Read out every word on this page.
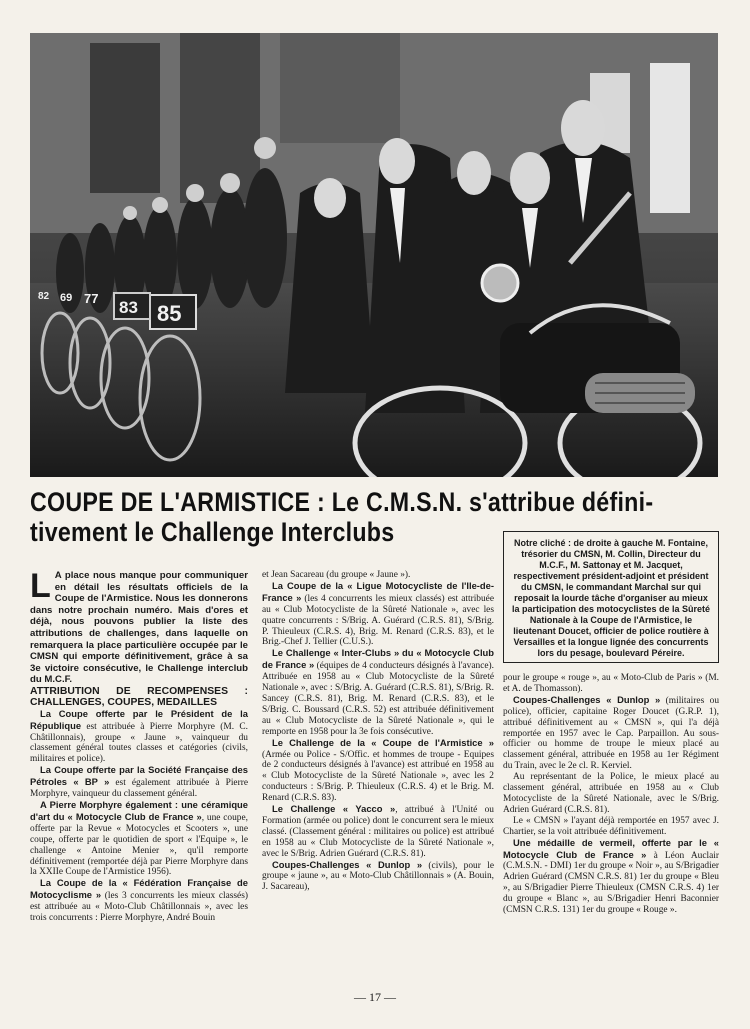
85
83
77
69
82
COUPE DE L'ARMISTICE : Le C.M.S.N. s'attribue défini-
tivement le Challenge Interclubs	Notre cliché : de droite à gauche M. Fontaine, trésorier du CMSN, M. Collin, Directeur du M.C.F., M. Sattonay et M. Jacquet, respectivement président-adjoint et président du CMSN, le commandant Marchal sur qui reposait la lourde tâche d'organiser au mieux la participation des motocyclistes de la Sûreté Nationale à la Coupe de l'Armistice, le lieutenant Doucet, officier de police routière à Versailles et la longue lignée des concurrents lors du pesage, boulevard Péreire.

L A place nous manque pour communiquer en détail les résultats officiels de la Coupe de l'Armistice. Nous les donnerons dans notre prochain numéro. Mais d'ores et déjà, nous pouvons publier la liste des attributions de challenges, dans laquelle on remarquera la place particulière occupée par le CMSN qui emporte définitivement, grâce à sa 3e victoire consécutive, le Challenge interclub du M.C.F.

ATTRIBUTION DE RECOMPENSES : CHALLENGES, COUPES, MEDAILLES

La Coupe offerte par le Président de la République est attribuée à Pierre Morphyre (M. C. Châtillonnais), groupe « Jaune », vainqueur du classement général toutes classes et catégories (civils, militaires et police).

La Coupe offerte par la Société Française des Pétroles « BP » est également attribuée à Pierre Morphyre, vainqueur du classement général.

A Pierre Morphyre également : une céramique d'art du « Motocycle Club de France », une coupe, offerte par la Revue « Motocycles et Scooters », une coupe, offerte par le quotidien de sport « l'Equipe », le challenge « Antoine Menier », qu'il remporte définitivement (remportée déjà par Pierre Morphyre dans la XXIIe Coupe de l'Armistice 1956).

La Coupe de la « Fédération Française de Motocyclisme » (les 3 concurrents les mieux classés) est attribuée au « Moto-Club Châtillonnais », avec les trois concurrents : Pierre Morphyre, André Bouin

et Jean Sacareau (du groupe « Jaune »).

La Coupe de la « Ligue Motocycliste de l'Ile-de-France » (les 4 concurrents les mieux classés) est attribuée au « Club Motocycliste de la Sûreté Nationale », avec les quatre concurrents : S/Brig. A. Guérard (C.R.S. 81), S/Brig. P. Thieuleux (C.R.S. 4), Brig. M. Renard (C.R.S. 83), et le Brig.-Chef J. Tellier (C.U.S.).

Le Challenge « Inter-Clubs » du « Motocycle Club de France » (équipes de 4 conducteurs désignés à l'avance). Attribuée en 1958 au « Club Motocycliste de la Sûreté Nationale », avec : S/Brig. A. Guérard (C.R.S. 81), S/Brig. R. Sancey (C.R.S. 81), Brig. M. Renard (C.R.S. 83), et le S/Brig. C. Boussard (C.R.S. 52) est attribuée définitivement au « Club Motocycliste de la Sûreté Nationale », qui le remporte en 1958 pour la 3e fois consécutive.

Le Challenge de la « Coupe de l'Armistice » (Armée ou Police - S/Offic. et hommes de troupe - Equipes de 2 conducteurs désignés à l'avance) est attribué en 1958 au « Club Motocycliste de la Sûreté Nationale », avec les 2 conducteurs : S/Brig. P. Thieuleux (C.R.S. 4) et le Brig. M. Renard (C.R.S. 83).

Le Challenge « Yacco », attribué à l'Unité ou Formation (armée ou police) dont le concurrent sera le mieux classé. (Classement général : militaires ou police) est attribué en 1958 au « Club Motocycliste de la Sûreté Nationale », avec le S/Brig. Adrien Guérard (C.R.S. 81).

Coupes-Challenges « Dunlop » (civils), pour le groupe « jaune », au « Moto-Club Châtillonnais » (A. Bouin, J. Sacareau),

pour le groupe « rouge », au « Moto-Club de Paris » (M. et A. de Thomasson).

Coupes-Challenges « Dunlop » (militaires ou police), officier, capitaine Roger Doucet (G.R.P. 1), attribué définitivement au « CMSN », qui l'a déjà remportée en 1957 avec le Cap. Parpaillon. Au sous-officier ou homme de troupe le mieux placé au classement général, attribuée en 1958 au 1er Régiment du Train, avec le 2e cl. R. Kerviel.

Au représentant de la Police, le mieux placé au classement général, attribuée en 1958 au « Club Motocycliste de la Sûreté Nationale, avec le S/Brig. Adrien Guérard (C.R.S. 81).

Le « CMSN » l'ayant déjà remportée en 1957 avec J. Chartier, se la voit attribuée définitivement.

Une médaille de vermeil, offerte par le « Motocycle Club de France » à Léon Auclair (C.M.S.N. - DMI) 1er du groupe « Noir », au S/Brigadier Adrien Guérard (CMSN C.R.S. 81) 1er du groupe « Bleu », au S/Brigadier Pierre Thieuleux (CMSN C.R.S. 4) 1er du groupe « Blanc », au S/Brigadier Henri Baconnier (CMSN C.R.S. 131) 1er du groupe « Rouge ».

— 17 —
